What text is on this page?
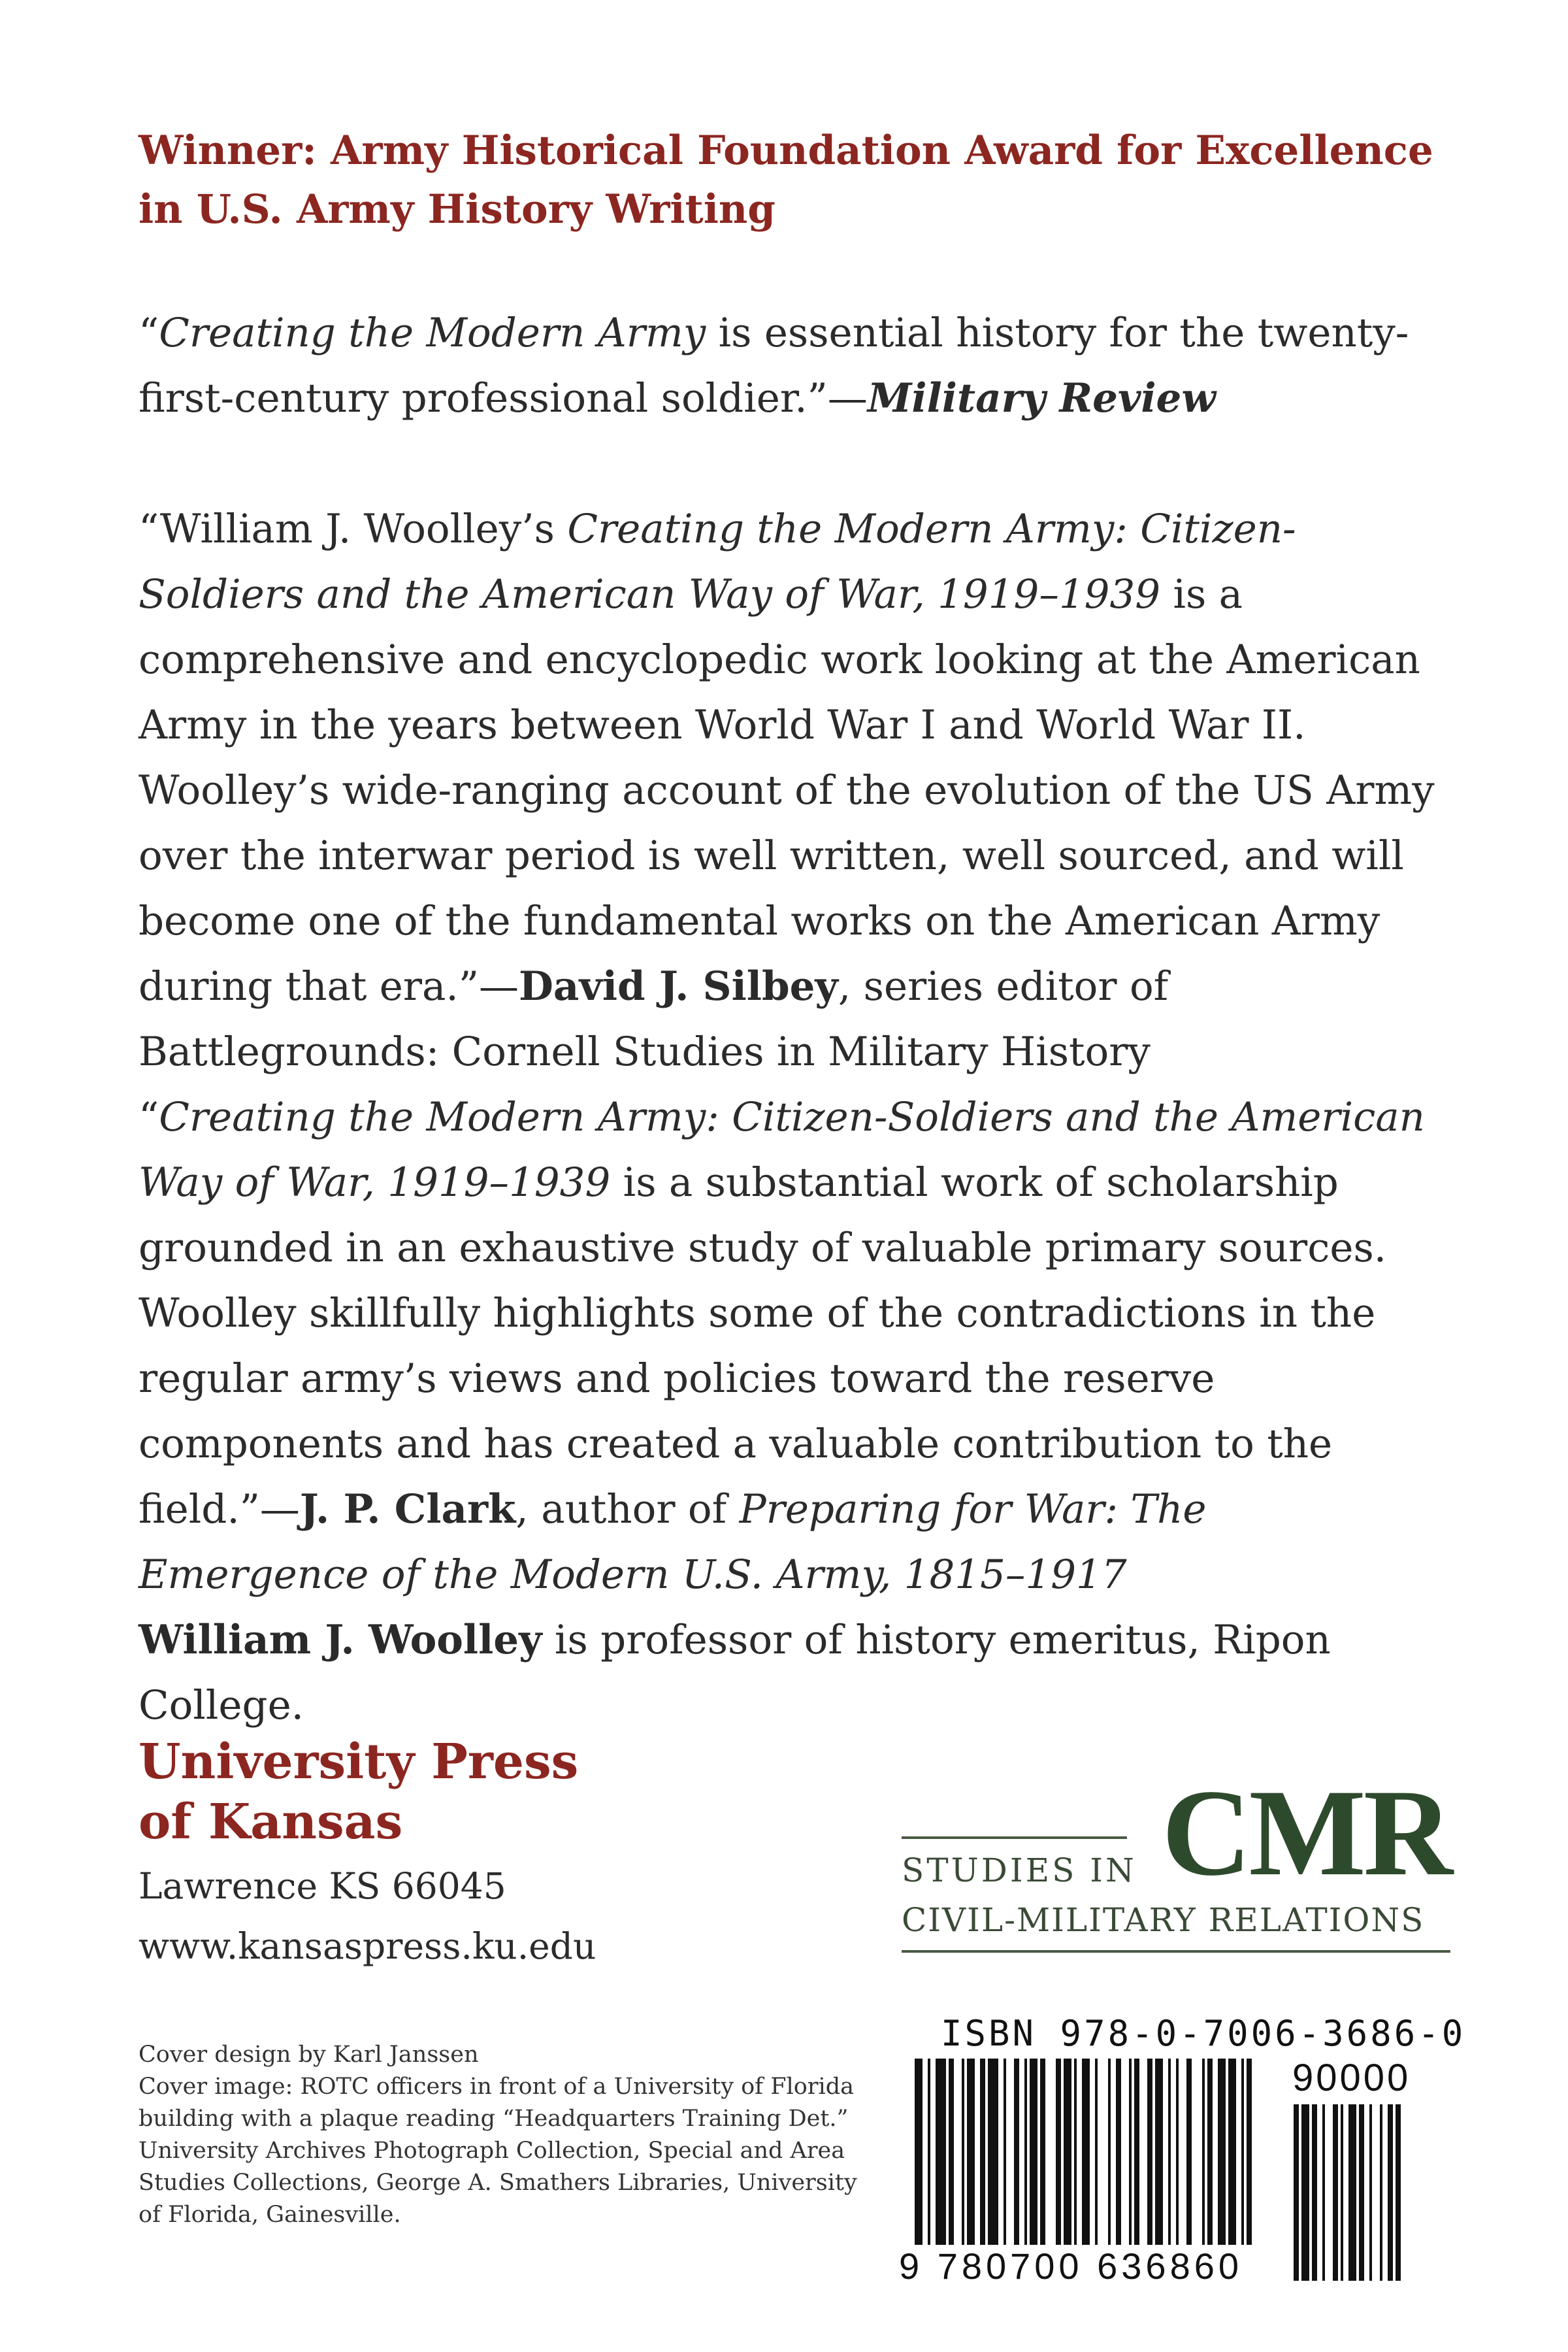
Winner: Army Historical Foundation Award for Excellence
in U.S. Army History Writing
“Creating the Modern Army is essential history for the twenty-first-century professional soldier.”—Military Review
“William J. Woolley’s Creating the Modern Army: Citizen-Soldiers and the American Way of War, 1919–1939 is a comprehensive and encyclopedic work looking at the American Army in the years between World War I and World War II. Woolley’s wide-ranging account of the evolution of the US Army over the interwar period is well written, well sourced, and will become one of the fundamental works on the American Army during that era.”—David J. Silbey, series editor of Battlegrounds: Cornell Studies in Military History
“Creating the Modern Army: Citizen-Soldiers and the American Way of War, 1919–1939 is a substantial work of scholarship grounded in an exhaustive study of valuable primary sources. Woolley skillfully highlights some of the contradictions in the regular army’s views and policies toward the reserve components and has created a valuable contribution to the field.”—J. P. Clark, author of Preparing for War: The Emergence of the Modern U.S. Army, 1815–1917
William J. Woolley is professor of history emeritus, Ripon College.
University Press
of Kansas
Lawrence KS 66045
www.kansaspress.ku.edu
CMR
STUDIES IN
CIVIL-MILITARY RELATIONS
Cover design by Karl Janssen
Cover image: ROTC officers in front of a University of Florida building with a plaque reading “Headquarters Training Det.” University Archives Photograph Collection, Special and Area Studies Collections, George A. Smathers Libraries, University of Florida, Gainesville.
ISBN 978-0-7006-3686-0
90000
9 780700 636860
